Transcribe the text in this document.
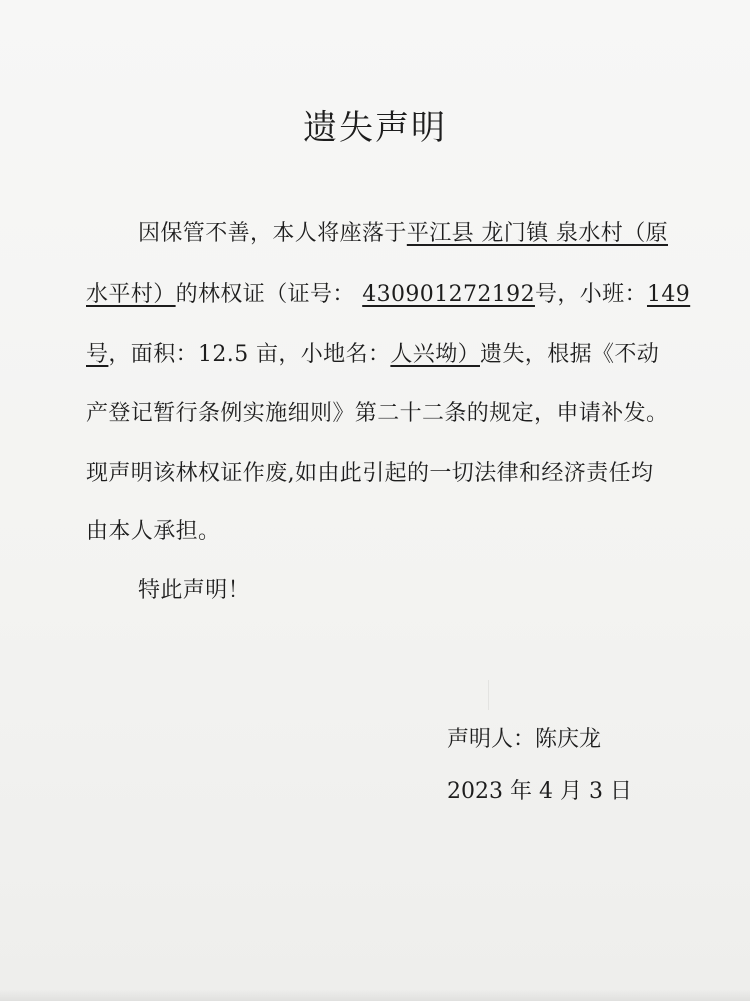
遗失声明
因保管不善，本人将座落于平江县 龙门镇 泉水村（原
水平村）的林权证（证号： 430901272192号，小班：149
号，面积：12.5 亩，小地名：人兴坳）遗失，根据《不动
产登记暂行条例实施细则》第二十二条的规定，申请补发。
现声明该林权证作废,如由此引起的一切法律和经济责任均
由本人承担。
特此声明！
声明人：陈庆龙
2023 年 4 月 3 日
